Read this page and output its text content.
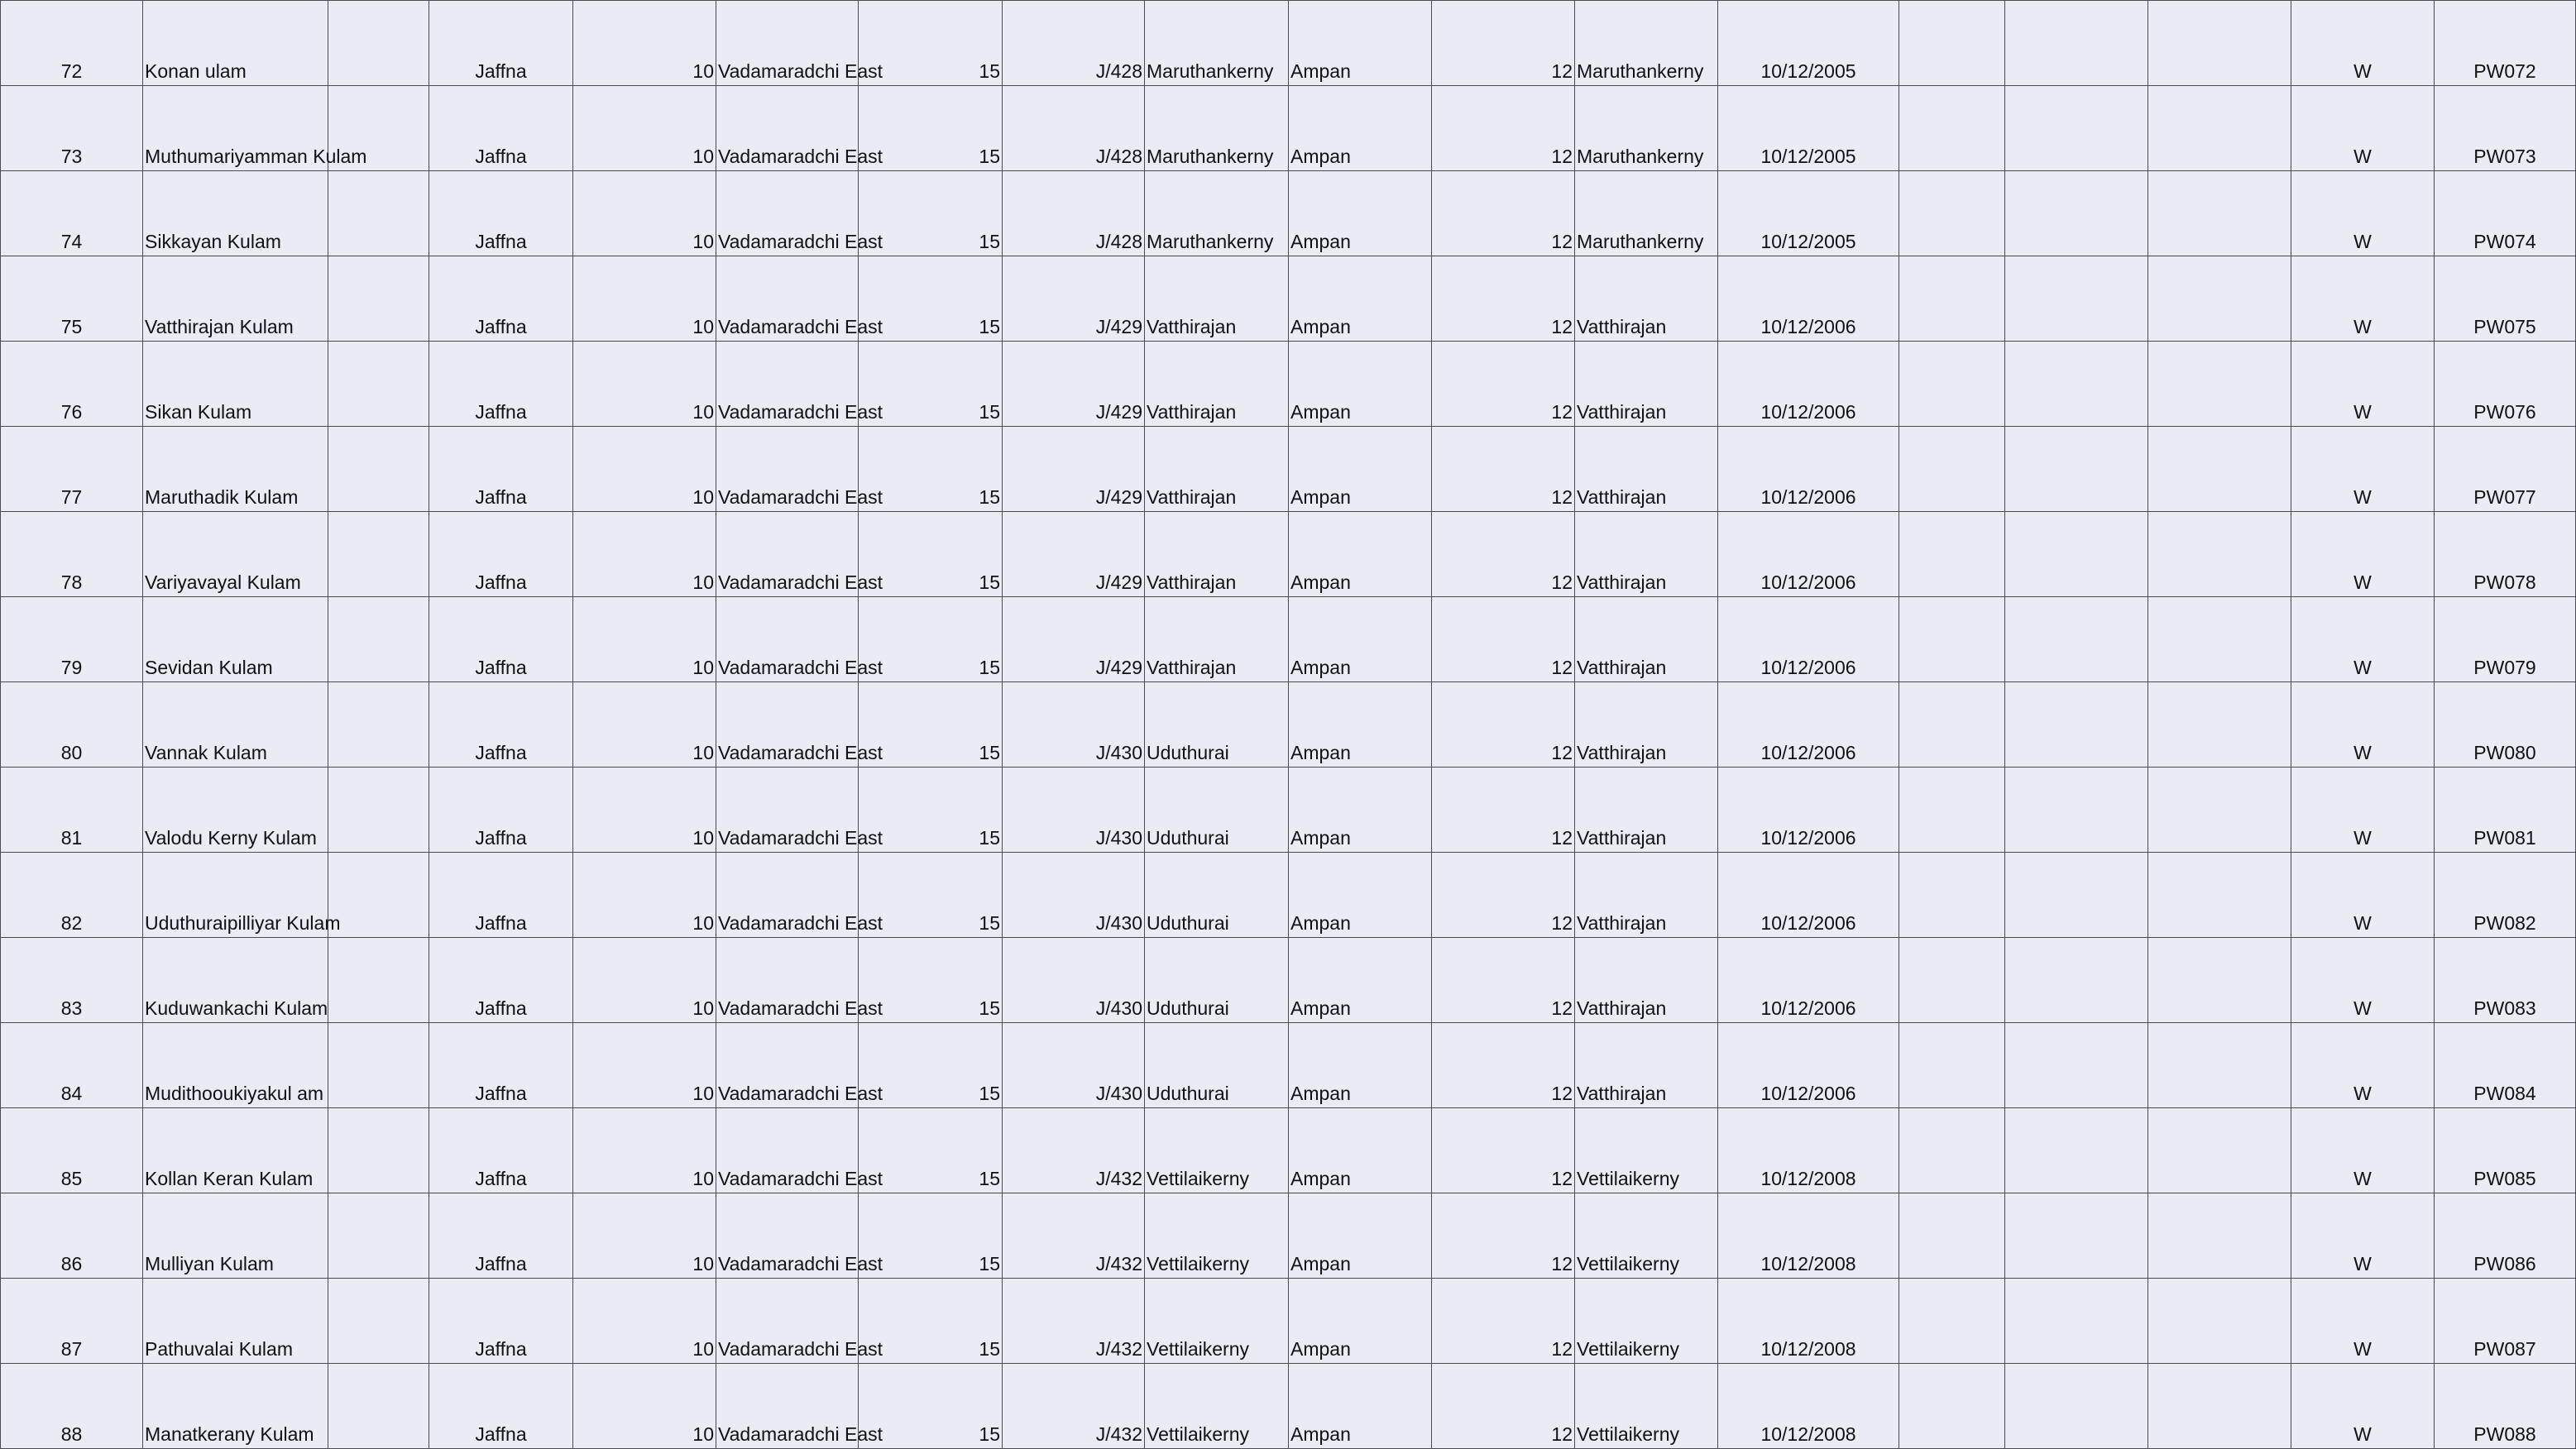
72	Konan ulam		Jaffna	10	Vadamaradchi East	15	J/428	Maruthankerny	Ampan	12	Maruthankerny	10/12/2005				W	PW072
73	Muthumariyamman Kulam		Jaffna	10	Vadamaradchi East	15	J/428	Maruthankerny	Ampan	12	Maruthankerny	10/12/2005				W	PW073
74	Sikkayan Kulam		Jaffna	10	Vadamaradchi East	15	J/428	Maruthankerny	Ampan	12	Maruthankerny	10/12/2005				W	PW074
75	Vatthirajan Kulam		Jaffna	10	Vadamaradchi East	15	J/429	Vatthirajan	Ampan	12	Vatthirajan	10/12/2006				W	PW075
76	Sikan Kulam		Jaffna	10	Vadamaradchi East	15	J/429	Vatthirajan	Ampan	12	Vatthirajan	10/12/2006				W	PW076
77	Maruthadik Kulam		Jaffna	10	Vadamaradchi East	15	J/429	Vatthirajan	Ampan	12	Vatthirajan	10/12/2006				W	PW077
78	Variyavayal Kulam		Jaffna	10	Vadamaradchi East	15	J/429	Vatthirajan	Ampan	12	Vatthirajan	10/12/2006				W	PW078
79	Sevidan Kulam		Jaffna	10	Vadamaradchi East	15	J/429	Vatthirajan	Ampan	12	Vatthirajan	10/12/2006				W	PW079
80	Vannak Kulam		Jaffna	10	Vadamaradchi East	15	J/430	Uduthurai	Ampan	12	Vatthirajan	10/12/2006				W	PW080
81	Valodu Kerny Kulam		Jaffna	10	Vadamaradchi East	15	J/430	Uduthurai	Ampan	12	Vatthirajan	10/12/2006				W	PW081
82	Uduthuraipilliyar Kulam		Jaffna	10	Vadamaradchi East	15	J/430	Uduthurai	Ampan	12	Vatthirajan	10/12/2006				W	PW082
83	Kuduwankachi Kulam		Jaffna	10	Vadamaradchi East	15	J/430	Uduthurai	Ampan	12	Vatthirajan	10/12/2006				W	PW083
84	Mudithooukiyakul am		Jaffna	10	Vadamaradchi East	15	J/430	Uduthurai	Ampan	12	Vatthirajan	10/12/2006				W	PW084
85	Kollan Keran Kulam		Jaffna	10	Vadamaradchi East	15	J/432	Vettilaikerny	Ampan	12	Vettilaikerny	10/12/2008				W	PW085
86	Mulliyan Kulam		Jaffna	10	Vadamaradchi East	15	J/432	Vettilaikerny	Ampan	12	Vettilaikerny	10/12/2008				W	PW086
87	Pathuvalai Kulam		Jaffna	10	Vadamaradchi East	15	J/432	Vettilaikerny	Ampan	12	Vettilaikerny	10/12/2008				W	PW087
88	Manatkerany Kulam		Jaffna	10	Vadamaradchi East	15	J/432	Vettilaikerny	Ampan	12	Vettilaikerny	10/12/2008				W	PW088
